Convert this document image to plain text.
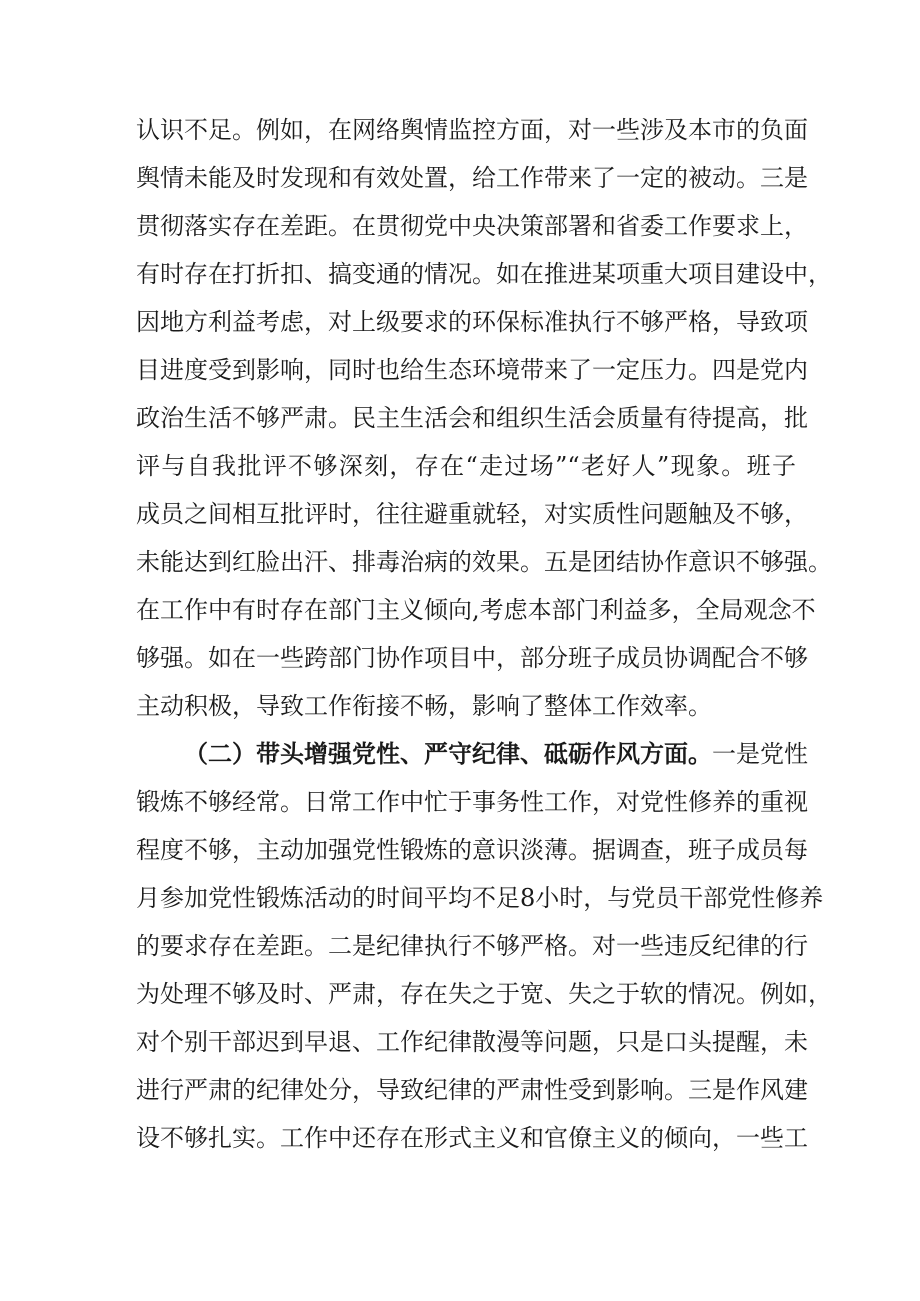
认识不足。例如，在网络舆情监控方面，对一些涉及本市的负面
舆情未能及时发现和有效处置，给工作带来了一定的被动。三是
贯彻落实存在差距。在贯彻党中央决策部署和省委工作要求上，
有时存在打折扣、搞变通的情况。如在推进某项重大项目建设中，
因地方利益考虑，对上级要求的环保标准执行不够严格，导致项
目进度受到影响，同时也给生态环境带来了一定压力。四是党内
政治生活不够严肃。民主生活会和组织生活会质量有待提高，批
评与自我批评不够深刻，存在“走过场”“老好人”现象。班子
成员之间相互批评时，往往避重就轻，对实质性问题触及不够，
未能达到红脸出汗、排毒治病的效果。五是团结协作意识不够强。
在工作中有时存在部门主义倾向,考虑本部门利益多，全局观念不
够强。如在一些跨部门协作项目中，部分班子成员协调配合不够
主动积极，导致工作衔接不畅，影响了整体工作效率。
（二）带头增强党性、严守纪律、砥砺作风方面。一是党性
锻炼不够经常。日常工作中忙于事务性工作，对党性修养的重视
程度不够，主动加强党性锻炼的意识淡薄。据调查，班子成员每
月参加党性锻炼活动的时间平均不足8小时，与党员干部党性修养
的要求存在差距。二是纪律执行不够严格。对一些违反纪律的行
为处理不够及时、严肃，存在失之于宽、失之于软的情况。例如，
对个别干部迟到早退、工作纪律散漫等问题，只是口头提醒，未
进行严肃的纪律处分，导致纪律的严肃性受到影响。三是作风建
设不够扎实。工作中还存在形式主义和官僚主义的倾向，一些工
